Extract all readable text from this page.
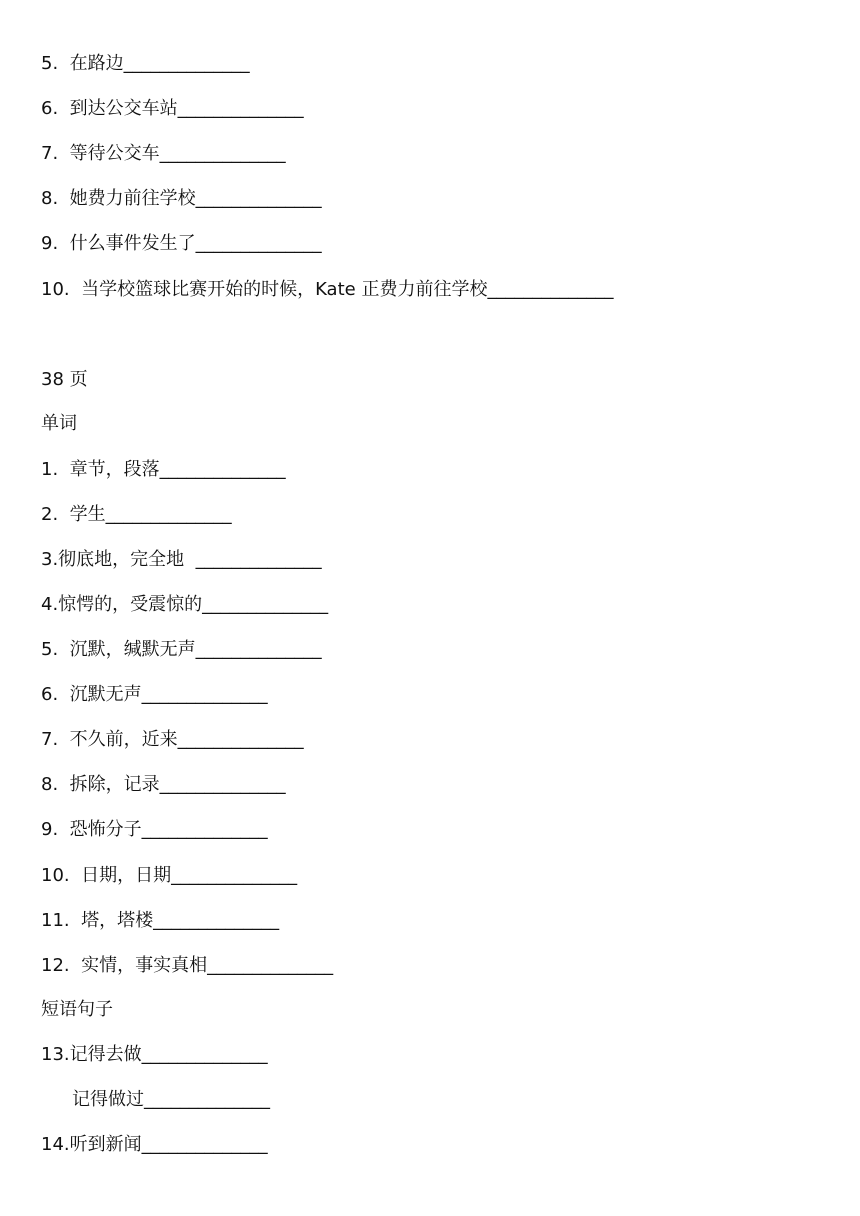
5.  在路边______________
6.  到达公交车站______________
7.  等待公交车______________
8.  她费力前往学校______________
9.  什么事件发生了______________
10.  当学校篮球比赛开始的时候，Kate 正费力前往学校______________
38 页
单词
1.  章节，段落______________
2.  学生______________
3.彻底地，完全地  ______________
4.惊愕的，受震惊的______________
5.  沉默，缄默无声______________
6.  沉默无声______________
7.  不久前，近来______________
8.  拆除，记录______________
9.  恐怖分子______________
10.  日期，日期______________
11.  塔，塔楼______________
12.  实情，事实真相______________
短语句子
13.记得去做______________
记得做过______________
14.听到新闻______________
